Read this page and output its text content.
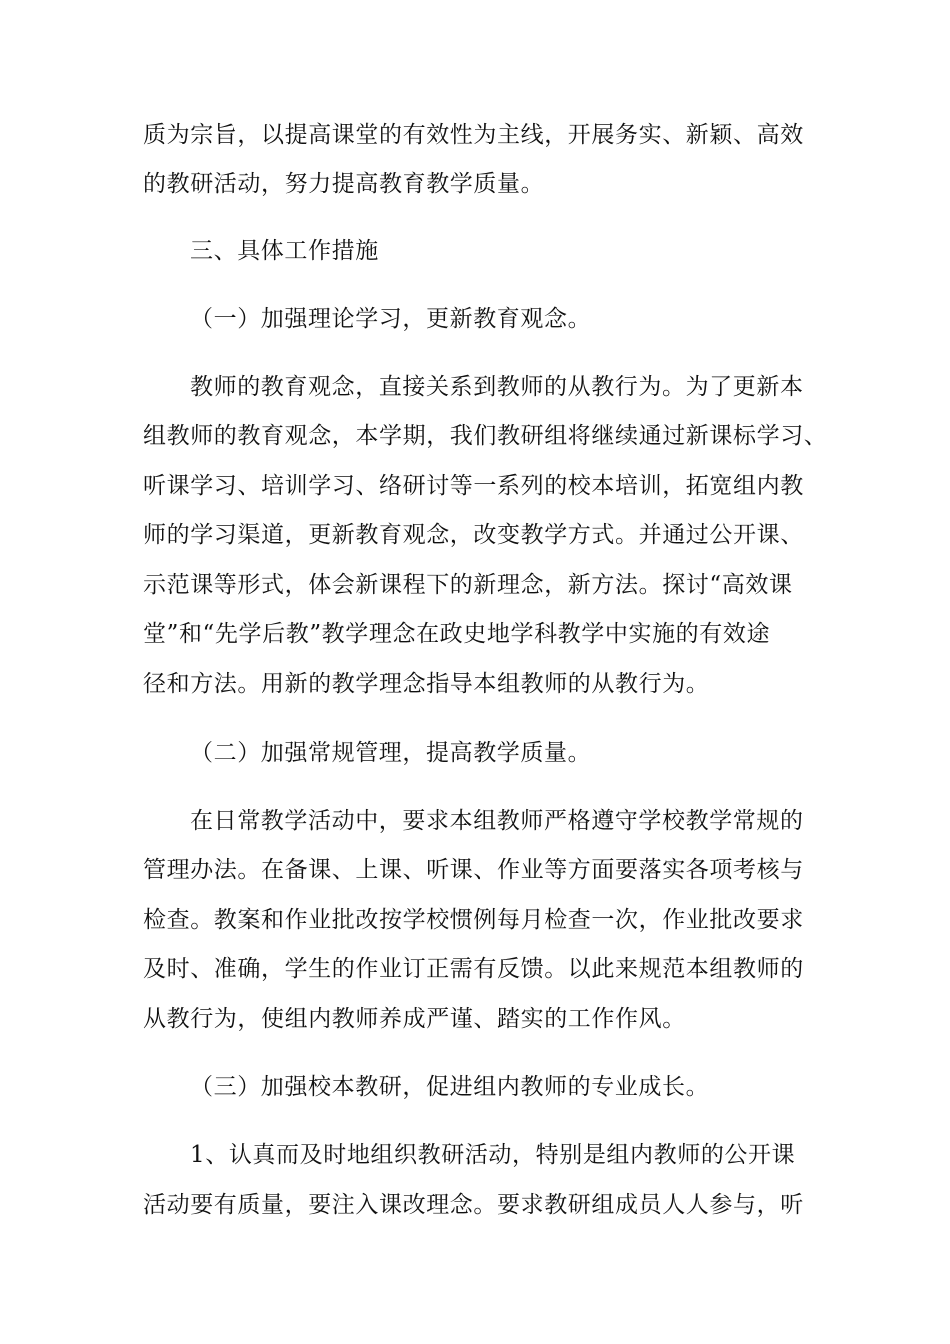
质为宗旨，以提高课堂的有效性为主线，开展务实、新颖、高效
的教研活动，努力提高教育教学质量。
三、具体工作措施
（一）加强理论学习，更新教育观念。
教师的教育观念，直接关系到教师的从教行为。为了更新本
组教师的教育观念，本学期，我们教研组将继续通过新课标学习、
听课学习、培训学习、络研讨等一系列的校本培训，拓宽组内教
师的学习渠道，更新教育观念，改变教学方式。并通过公开课、
示范课等形式，体会新课程下的新理念，新方法。探讨“高效课
堂”和“先学后教”教学理念在政史地学科教学中实施的有效途
径和方法。用新的教学理念指导本组教师的从教行为。
（二）加强常规管理，提高教学质量。
在日常教学活动中，要求本组教师严格遵守学校教学常规的
管理办法。在备课、上课、听课、作业等方面要落实各项考核与
检查。教案和作业批改按学校惯例每月检查一次，作业批改要求
及时、准确，学生的作业订正需有反馈。以此来规范本组教师的
从教行为，使组内教师养成严谨、踏实的工作作风。
（三）加强校本教研，促进组内教师的专业成长。
1、认真而及时地组织教研活动，特别是组内教师的公开课
活动要有质量，要注入课改理念。要求教研组成员人人参与，听
